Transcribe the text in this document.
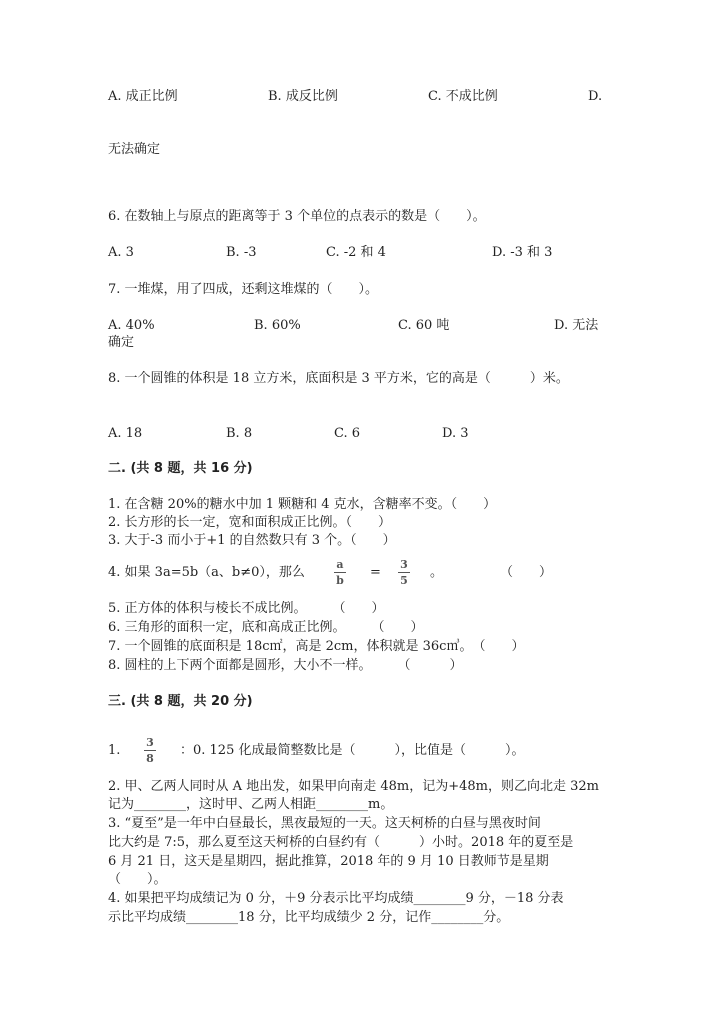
A. 成正比例	B. 成反比例	C. 不成比例	D.
无法确定
6. 在数轴上与原点的距离等于 3 个单位的点表示的数是（　　）。
A. 3	B. -3	C. -2 和 4	D. -3 和 3
7. 一堆煤，用了四成，还剩这堆煤的（　　）。
A. 40%	B. 60%	C. 60 吨	D. 无法
确定
8. 一个圆锥的体积是 18 立方米，底面积是 3 平方米，它的高是（　　　）米。
A. 18	B. 8	C. 6	D. 3
二. (共 8 题，共 16 分)
1. 在含糖 20%的糖水中加 1 颗糖和 4 克水，含糖率不变。（　　）
2. 长方形的长一定，宽和面积成正比例。（　　）
3. 大于-3 而小于+1 的自然数只有 3 个。（　　）
4. 如果 3a=5b（a、b≠0），那么
a
b
=
3
5
。	（　　）
5. 正方体的体积与棱长不成比例。　　　（　　）
6. 三角形的面积一定，底和高成正比例。　　　（　　）
7. 一个圆锥的底面积是 18c㎡，高是 2cm，体积就是 36c㎥。　（　　）
8. 圆柱的上下两个面都是圆形，大小不一样。　　　（　　　）
三. (共 8 题，共 20 分)
1.
3
8
：0. 125 化成最简整数比是（　　　），比值是（　　　）。
2. 甲、乙两人同时从 A 地出发，如果甲向南走 48m，记为+48m，则乙向北走 32m
记为________，这时甲、乙两人相距________m。
3. “夏至”是一年中白昼最长，黑夜最短的一天。这天柯桥的白昼与黑夜时间
比大约是 7:5，那么夏至这天柯桥的白昼约有（　　　）小时。2018 年的夏至是
6 月 21 日，这天是星期四，据此推算，2018 年的 9 月 10 日教师节是星期
（　　）。
4. 如果把平均成绩记为 0 分，＋9 分表示比平均成绩________9 分，－18 分表
示比平均成绩________18 分，比平均成绩少 2 分，记作________分。
